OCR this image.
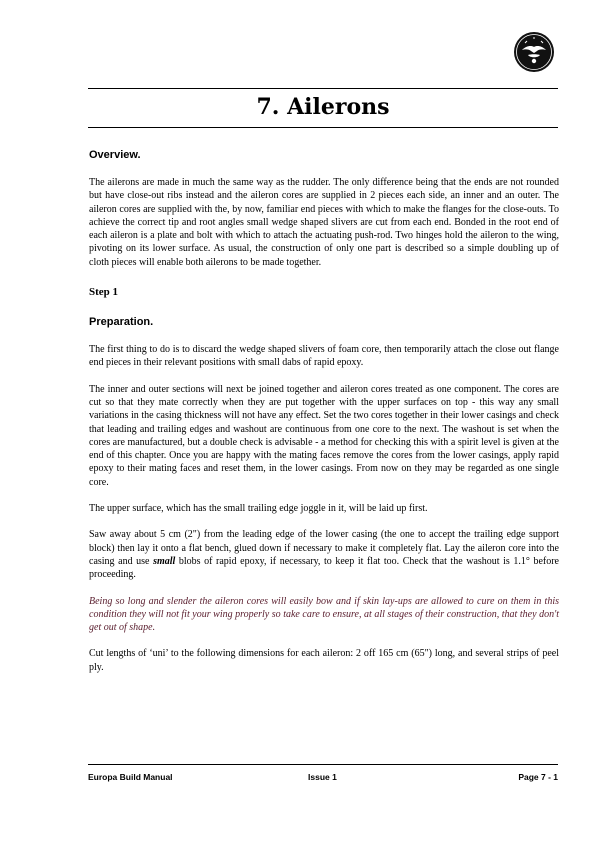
7. Ailerons
Overview.

The ailerons are made in much the same way as the rudder. The only difference being that the ends are not rounded but have close-out ribs instead and the aileron cores are supplied in 2 pieces each side, an inner and an outer. The aileron cores are supplied with the, by now, familiar end pieces with which to make the flanges for the close-outs. To achieve the correct tip and root angles small wedge shaped slivers are cut from each end. Bonded in the root end of each aileron is a plate and bolt with which to attach the actuating push-rod. Two hinges hold the aileron to the wing, pivoting on its lower surface. As usual, the construction of only one part is described so a simple doubling up of cloth pieces will enable both ailerons to be made together.

Step 1
Preparation.

The first thing to do is to discard the wedge shaped slivers of foam core, then temporarily attach the close out flange end pieces in their relevant positions with small dabs of rapid epoxy.

The inner and outer sections will next be joined together and aileron cores treated as one component. The cores are cut so that they mate correctly when they are put together with the upper surfaces on top - this way any small variations in the casing thickness will not have any effect. Set the two cores together in their lower casings and check that leading and trailing edges and washout are continuous from one core to the next. The washout is set when the cores are manufactured, but a double check is advisable - a method for checking this with a spirit level is given at the end of this chapter. Once you are happy with the mating faces remove the cores from the lower casings, apply rapid epoxy to their mating faces and reset them, in the lower casings. From now on they may be regarded as one single core.

The upper surface, which has the small trailing edge joggle in it, will be laid up first.

Saw away about 5 cm (2") from the leading edge of the lower casing (the one to accept the trailing edge support block) then lay it onto a flat bench, glued down if necessary to make it completely flat. Lay the aileron core into the casing and use small blobs of rapid epoxy, if necessary, to keep it flat too. Check that the washout is 1.1° before proceeding.

Being so long and slender the aileron cores will easily bow and if skin lay-ups are allowed to cure on them in this condition they will not fit your wing properly so take care to ensure, at all stages of their construction, that they don't get out of shape.

Cut lengths of ‘uni’ to the following dimensions for each aileron: 2 off 165 cm (65") long, and several strips of peel ply.

Europa Build Manual	Issue 1	Page 7 - 1
